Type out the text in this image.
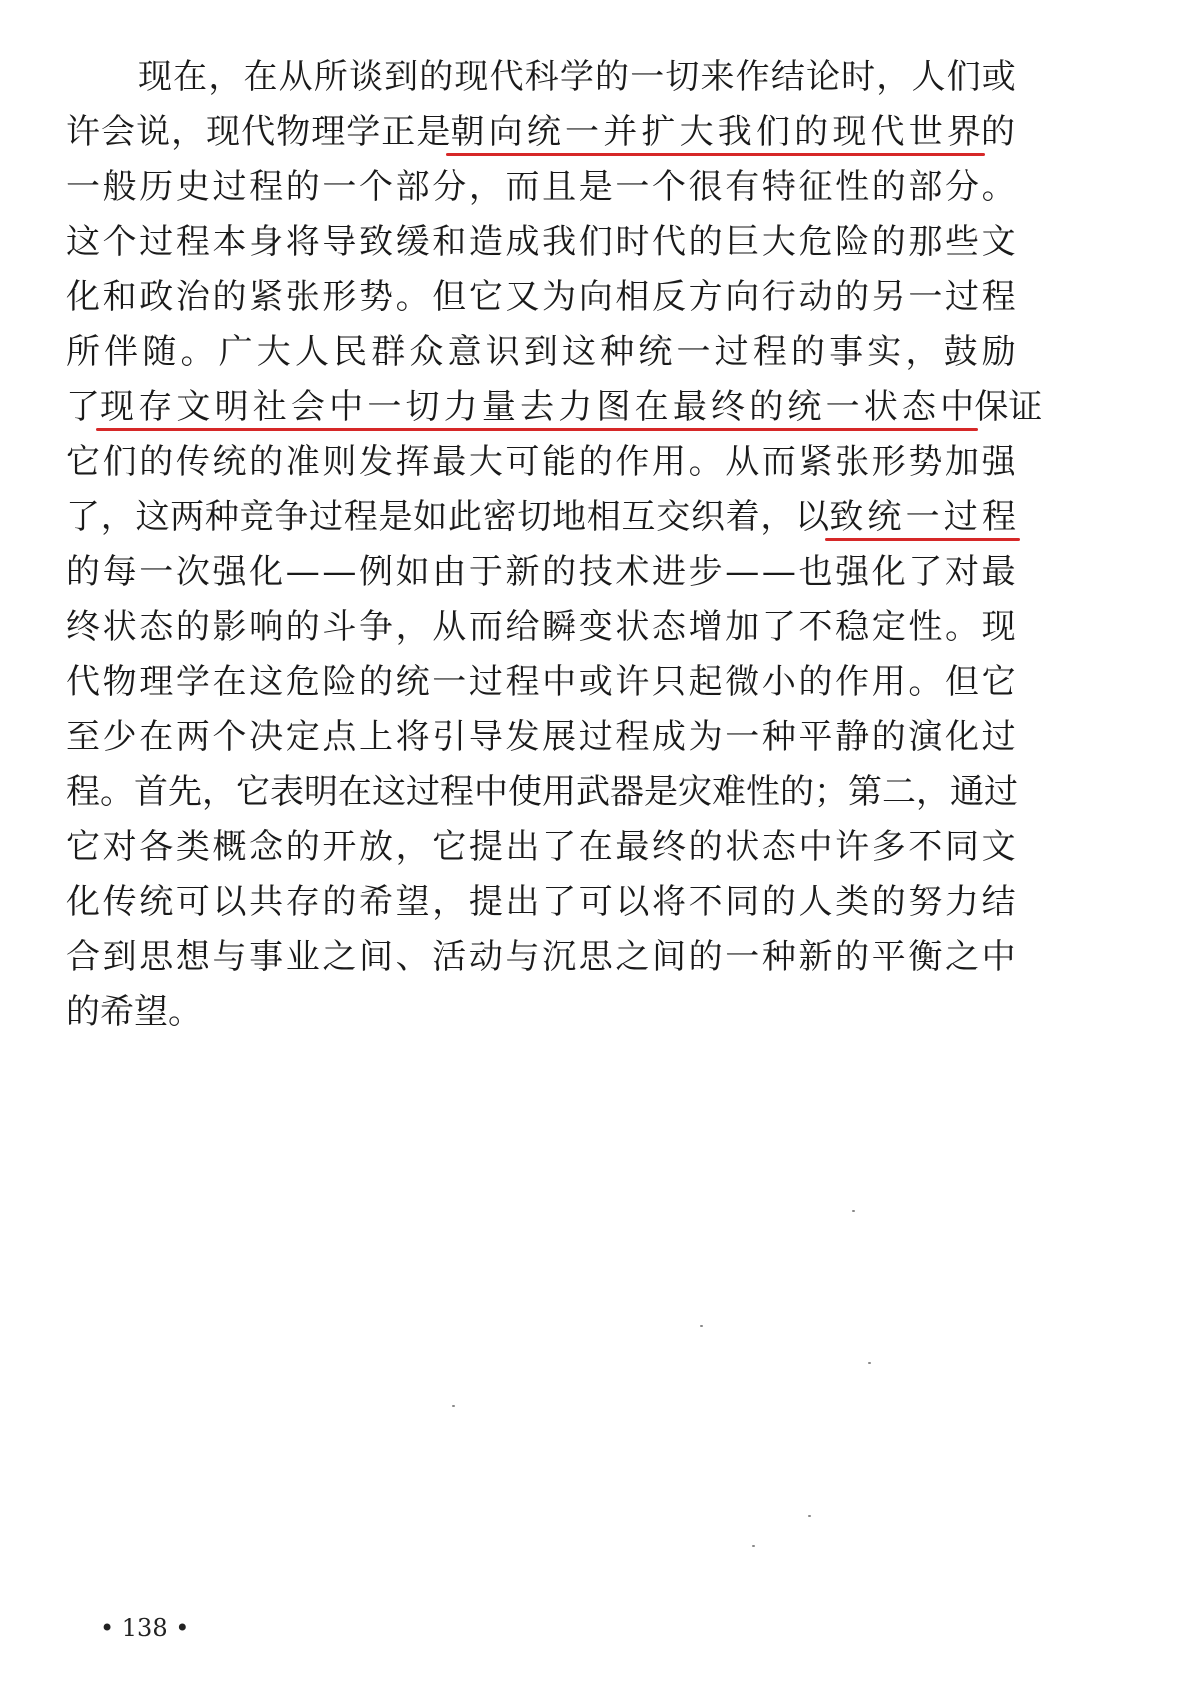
现 在 ， 在 从 所 谈 到 的 现 代 科 学 的 一 切 来 作 结 论 时 ， 人 们 或
许 会 说 ， 现 代 物 理 学 正 是 朝 向 统 一 并 扩 大 我 们 的 现 代 世 界 的
一 般 历 史 过 程 的 一 个 部 分 ， 而 且 是 一 个 很 有 特 征 性 的 部 分 。
这 个 过 程 本 身 将 导 致 缓 和 造 成 我 们 时 代 的 巨 大 危 险 的 那 些 文
化 和 政 治 的 紧 张 形 势 。 但 它 又 为 向 相 反 方 向 行 动 的 另 一 过 程
所 伴 随 。 广 大 人 民 群 众 意 识 到 这 种 统 一 过 程 的 事 实 ， 鼓 励
了 现 存 文 明 社 会 中 一 切 力 量 去 力 图 在 最 终 的 统 一 状 态 中 保 证
它 们 的 传 统 的 准 则 发 挥 最 大 可 能 的 作 用 。 从 而 紧 张 形 势 加 强
了 ， 这 两 种 竞 争 过 程 是 如 此 密 切 地 相 互 交 织 着 ， 以 致 统 一 过 程
的 每 一 次 强 化 — — 例 如 由 于 新 的 技 术 进 步 — — 也 强 化 了 对 最
终 状 态 的 影 响 的 斗 争 ， 从 而 给 瞬 变 状 态 增 加 了 不 稳 定 性 。 现
代 物 理 学 在 这 危 险 的 统 一 过 程 中 或 许 只 起 微 小 的 作 用 。 但 它
至 少 在 两 个 决 定 点 上 将 引 导 发 展 过 程 成 为 一 种 平 静 的 演 化 过
程 。 首 先 ， 它 表 明 在 这 过 程 中 使 用 武 器 是 灾 难 性 的 ； 第 二 ， 通 过
它 对 各 类 概 念 的 开 放 ， 它 提 出 了 在 最 终 的 状 态 中 许 多 不 同 文
化 传 统 可 以 共 存 的 希 望 ， 提 出 了 可 以 将 不 同 的 人 类 的 努 力 结
合 到 思 想 与 事 业 之 间 、 活 动 与 沉 思 之 间 的 一 种 新 的 平 衡 之 中
的 希 望 。
• 138 •
